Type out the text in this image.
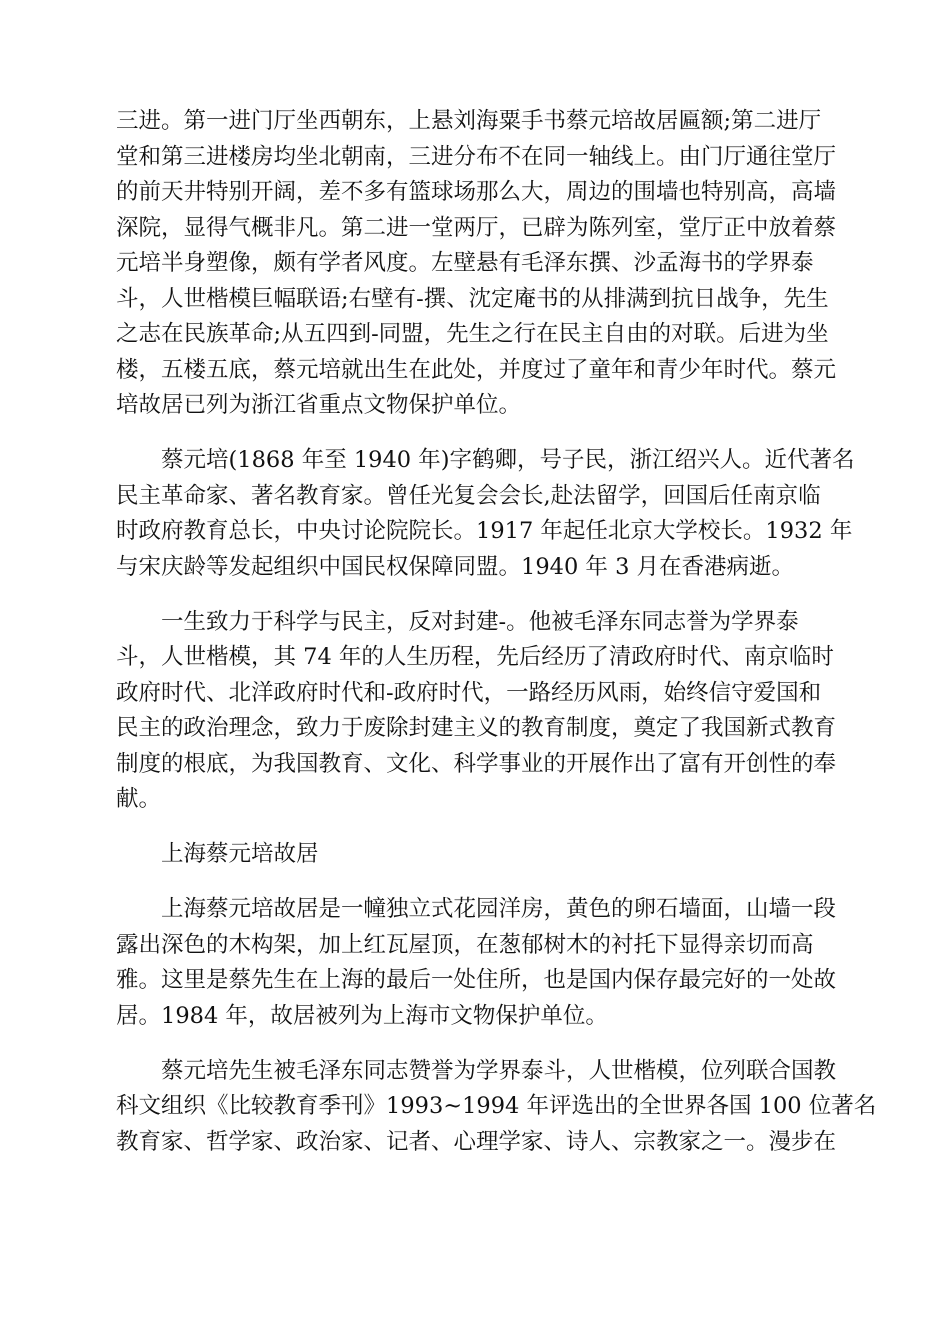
三进。第一进门厅坐西朝东，上悬刘海粟手书蔡元培故居匾额;第二进厅
堂和第三进楼房均坐北朝南，三进分布不在同一轴线上。由门厅通往堂厅
的前天井特别开阔，差不多有篮球场那么大，周边的围墙也特别高，高墙
深院，显得气概非凡。第二进一堂两厅，已辟为陈列室，堂厅正中放着蔡
元培半身塑像，颇有学者风度。左壁悬有毛泽东撰、沙孟海书的学界泰
斗，人世楷模巨幅联语;右壁有-撰、沈定庵书的从排满到抗日战争，先生
之志在民族革命;从五四到-同盟，先生之行在民主自由的对联。后进为坐
楼，五楼五底，蔡元培就出生在此处，并度过了童年和青少年时代。蔡元
培故居已列为浙江省重点文物保护单位。
蔡元培(1868 年至 1940 年)字鹤卿，号子民，浙江绍兴人。近代著名
民主革命家、著名教育家。曾任光复会会长,赴法留学，回国后任南京临
时政府教育总长，中央讨论院院长。1917 年起任北京大学校长。1932 年
与宋庆龄等发起组织中国民权保障同盟。1940 年 3 月在香港病逝。
一生致力于科学与民主，反对封建-。他被毛泽东同志誉为学界泰
斗，人世楷模，其 74 年的人生历程，先后经历了清政府时代、南京临时
政府时代、北洋政府时代和-政府时代，一路经历风雨，始终信守爱国和
民主的政治理念，致力于废除封建主义的教育制度，奠定了我国新式教育
制度的根底，为我国教育、文化、科学事业的开展作出了富有开创性的奉
献。
上海蔡元培故居
上海蔡元培故居是一幢独立式花园洋房，黄色的卵石墙面，山墙一段
露出深色的木构架，加上红瓦屋顶，在葱郁树木的衬托下显得亲切而高
雅。这里是蔡先生在上海的最后一处住所，也是国内保存最完好的一处故
居。1984 年，故居被列为上海市文物保护单位。
蔡元培先生被毛泽东同志赞誉为学界泰斗，人世楷模，位列联合国教
科文组织《比较教育季刊》1993~1994 年评选出的全世界各国 100 位著名
教育家、哲学家、政治家、记者、心理学家、诗人、宗教家之一。漫步在
